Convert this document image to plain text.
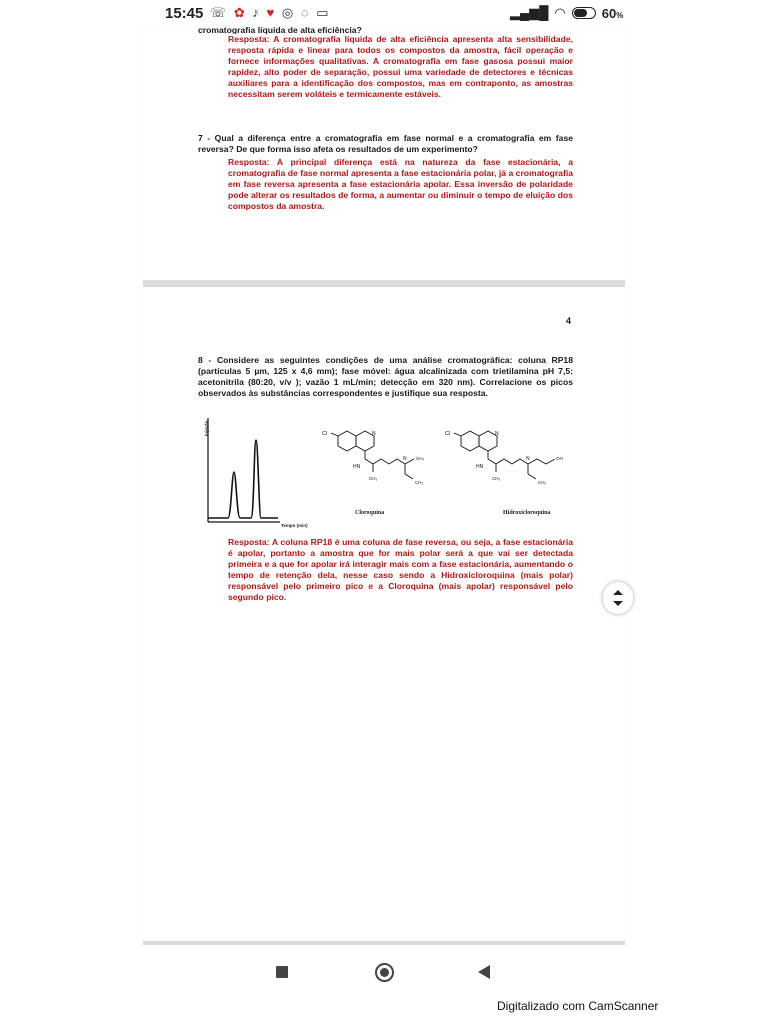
15:45 ☏ ✿ ♪ ♥ ◎ ◌ ▭	▂▄▆█ ◠	60%
cromatografia líquida de alta eficiência?
Resposta: A cromatografia líquida de alta eficiência apresenta alta sensibilidade, resposta rápida e linear para todos os compostos da amostra, fácil operação e fornece informações qualitativas. A cromatografia em fase gasosa possui maior rapidez, alto poder de separação, possui uma variedade de detectores e técnicas auxiliares para a identificação dos compostos, mas em contraponto, as amostras necessitam serem voláteis e termicamente estáveis.
7 - Qual a diferença entre a cromatografia em fase normal e a cromatografia em fase reversa? De que forma isso afeta os resultados de um experimento?
Resposta: A principal diferença está na natureza da fase estacionária, a cromatografia de fase normal apresenta a fase estacionária polar, já a cromatografia em fase reversa apresenta a fase estacionária apolar. Essa inversão de polaridade pode alterar os resultados de forma, a aumentar ou diminuir o tempo de eluição dos compostos da amostra.
4
8 - Considere as seguintes condições de uma análise cromatográfica: coluna RP18 (partículas 5 µm, 125 x 4,6 mm); fase móvel: água alcalinizada com trietilamina pH 7,5: acetonitrila (80:20, v/v ); vazão 1 mL/min; detecção em 320 nm). Correlacione os picos observados às substâncias correspondentes e justifique sua resposta.
Injeção
Tempo (min)
Cl	N
HN
CH₃
N CH₃
CH₃
Cloroquina
Cl	N
HN
CH₃
N	OH
CH₃
Hidroxicloroquina
Resposta: A coluna RP18 é uma coluna de fase reversa, ou seja, a fase estacionária é apolar, portanto a amostra que for mais polar será a que vai ser detectada primeira e a que for apolar irá interagir mais com a fase estacionária, aumentando o tempo de retenção dela, nesse caso sendo a Hidroxicloroquina (mais polar) responsável pelo primeiro pico e a Cloroquina (mais apolar) responsável pelo segundo pico.
Digitalizado com CamScanner
